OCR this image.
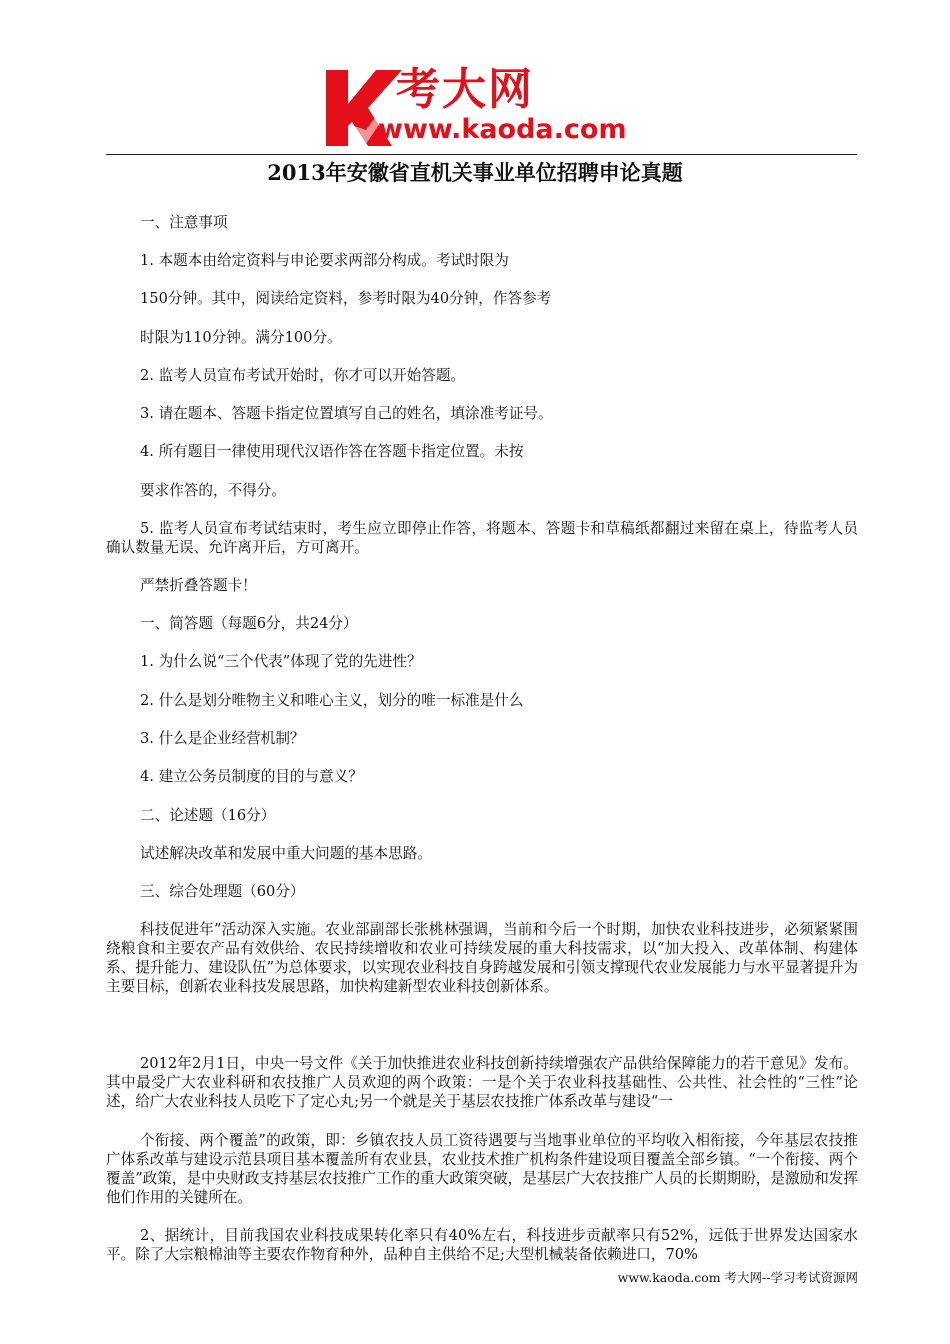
考大网
www.kaoda.com
2013年安徽省直机关事业单位招聘申论真题
一、注意事项
1. 本题本由给定资料与申论要求两部分构成。考试时限为
150分钟。其中，阅读给定资料，参考时限为40分钟，作答参考
时限为110分钟。满分100分。
2. 监考人员宣布考试开始时，你才可以开始答题。
3. 请在题本、答题卡指定位置填写自己的姓名，填涂准考证号。
4. 所有题目一律使用现代汉语作答在答题卡指定位置。未按
要求作答的，不得分。
5. 监考人员宣布考试结束时，考生应立即停止作答，将题本、答题卡和草稿纸都翻过来留在桌上，待监考人员确认数量无误、允许离开后，方可离开。
严禁折叠答题卡！
一、简答题（每题6分，共24分）
1. 为什么说“三个代表”体现了党的先进性？
2. 什么是划分唯物主义和唯心主义，划分的唯一标准是什么
3. 什么是企业经营机制？
4. 建立公务员制度的目的与意义？
二、论述题（16分）
试述解决改革和发展中重大问题的基本思路。
三、综合处理题（60分）
科技促进年”活动深入实施。农业部副部长张桃林强调，当前和今后一个时期，加快农业科技进步，必须紧紧围绕粮食和主要农产品有效供给、农民持续增收和农业可持续发展的重大科技需求，以“加大投入、改革体制、构建体系、提升能力、建设队伍”为总体要求，以实现农业科技自身跨越发展和引领支撑现代农业发展能力与水平显著提升为主要目标，创新农业科技发展思路，加快构建新型农业科技创新体系。
2012年2月1日，中央一号文件《关于加快推进农业科技创新持续增强农产品供给保障能力的若干意见》发布。其中最受广大农业科研和农技推广人员欢迎的两个政策：一是个关于农业科技基础性、公共性、社会性的“三性”论述，给广大农业科技人员吃下了定心丸;另一个就是关于基层农技推广体系改革与建设“一
个衔接、两个覆盖”的政策，即：乡镇农技人员工资待遇要与当地事业单位的平均收入相衔接，今年基层农技推广体系改革与建设示范县项目基本覆盖所有农业县，农业技术推广机构条件建设项目覆盖全部乡镇。“一个衔接、两个覆盖”政策，是中央财政支持基层农技推广工作的重大政策突破，是基层广大农技推广人员的长期期盼，是激励和发挥他们作用的关键所在。
2、据统计，目前我国农业科技成果转化率只有40%左右，科技进步贡献率只有52%，远低于世界发达国家水平。除了大宗粮棉油等主要农作物育种外，品种自主供给不足;大型机械装备依赖进口，70%
www.kaoda.com 考大网--学习考试资源网
